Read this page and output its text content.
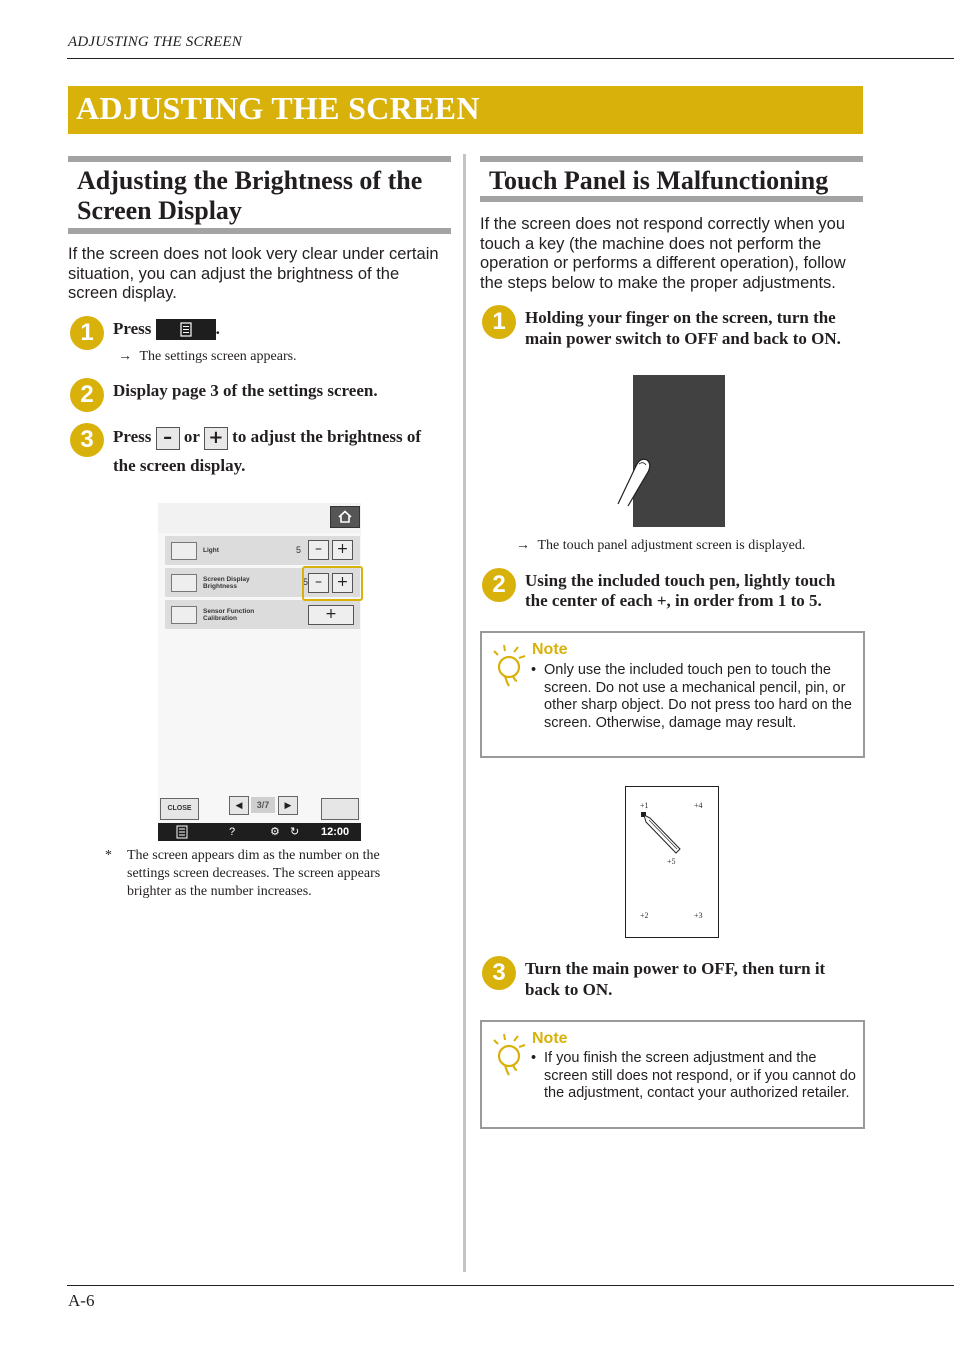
ADJUSTING THE SCREEN
ADJUSTING THE SCREEN
Adjusting the Brightness of the
Screen Display
If the screen does not look very clear under certain situation, you can adjust the brightness of the screen display.
1	Press	.
→ The settings screen appears.
2	Display page 3 of the settings screen.
3	Press – or + to adjust the brightness of
the screen display.
Light	5 –	+
Screen Display
Brightness	5 –	+
Sensor Function
Calibration	+
CLOSE	◀	3/7	▶
?	⚙ ↻ 12:00
* The screen appears dim as the number on the settings screen decreases. The screen appears brighter as the number increases.
Touch Panel is Malfunctioning
If the screen does not respond correctly when you touch a key (the machine does not perform the operation or performs a different operation), follow the steps below to make the proper adjustments.
1	Holding your finger on the screen, turn the
main power switch to OFF and back to ON.
→ The touch panel adjustment screen is displayed.
2	Using the included touch pen, lightly touch
the center of each +, in order from 1 to 5.
Note
• Only use the included touch pen to touch the screen. Do not use a mechanical pencil, pin, or other sharp object. Do not press too hard on the screen. Otherwise, damage may result.
+1	+4
+5
+2	+3
3	Turn the main power to OFF, then turn it
back to ON.
Note
• If you finish the screen adjustment and the screen still does not respond, or if you cannot do the adjustment, contact your authorized retailer.
A-6
